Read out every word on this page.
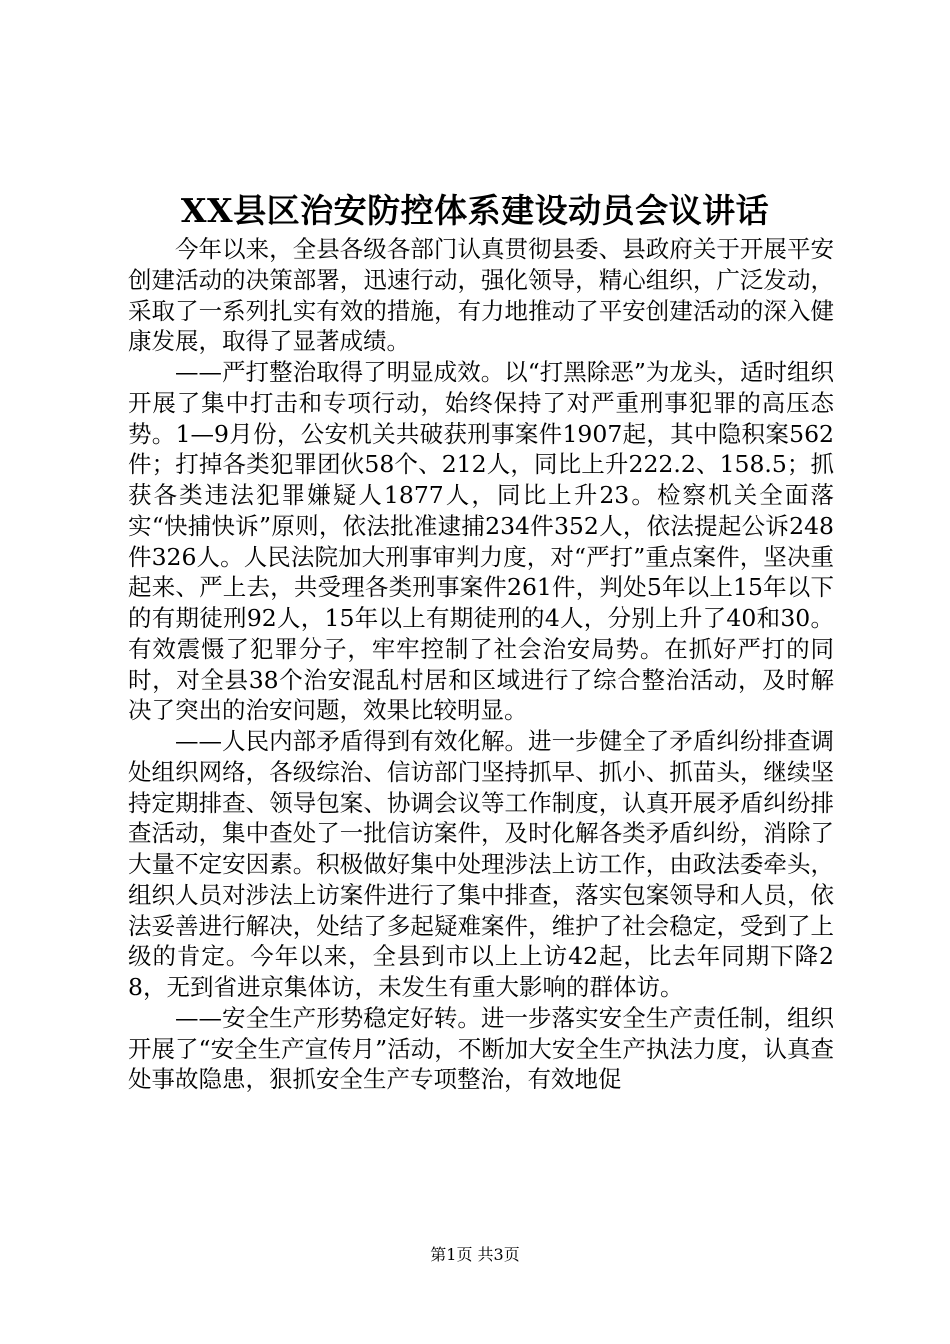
XX县区治安防控体系建设动员会议讲话

今年以来，全县各级各部门认真贯彻县委、县政府关于开展平安创建活动的决策部署，迅速行动，强化领导，精心组织，广泛发动，采取了一系列扎实有效的措施，有力地推动了平安创建活动的深入健康发展，取得了显著成绩。

——严打整治取得了明显成效。以“打黑除恶”为龙头，适时组织开展了集中打击和专项行动，始终保持了对严重刑事犯罪的高压态势。1—9月份，公安机关共破获刑事案件1907起，其中隐积案562件；打掉各类犯罪团伙58个、212人，同比上升222.2、158.5；抓获各类违法犯罪嫌疑人1877人，同比上升23。检察机关全面落实“快捕快诉”原则，依法批准逮捕234件352人，依法提起公诉248件326人。人民法院加大刑事审判力度，对“严打”重点案件，坚决重起来、严上去，共受理各类刑事案件261件，判处5年以上15年以下的有期徒刑92人，15年以上有期徒刑的4人，分别上升了40和30。有效震慑了犯罪分子，牢牢控制了社会治安局势。在抓好严打的同时，对全县38个治安混乱村居和区域进行了综合整治活动，及时解决了突出的治安问题，效果比较明显。

——人民内部矛盾得到有效化解。进一步健全了矛盾纠纷排查调处组织网络，各级综治、信访部门坚持抓早、抓小、抓苗头，继续坚持定期排查、领导包案、协调会议等工作制度，认真开展矛盾纠纷排查活动，集中查处了一批信访案件，及时化解各类矛盾纠纷，消除了大量不定安因素。积极做好集中处理涉法上访工作，由政法委牵头，组织人员对涉法上访案件进行了集中排查，落实包案领导和人员，依法妥善进行解决，处结了多起疑难案件，维护了社会稳定，受到了上级的肯定。今年以来，全县到市以上上访42起，比去年同期下降28，无到省进京集体访，未发生有重大影响的群体访。

——安全生产形势稳定好转。进一步落实安全生产责任制，组织开展了“安全生产宣传月”活动，不断加大安全生产执法力度，认真查处事故隐患，狠抓安全生产专项整治，有效地促

第1页 共3页
